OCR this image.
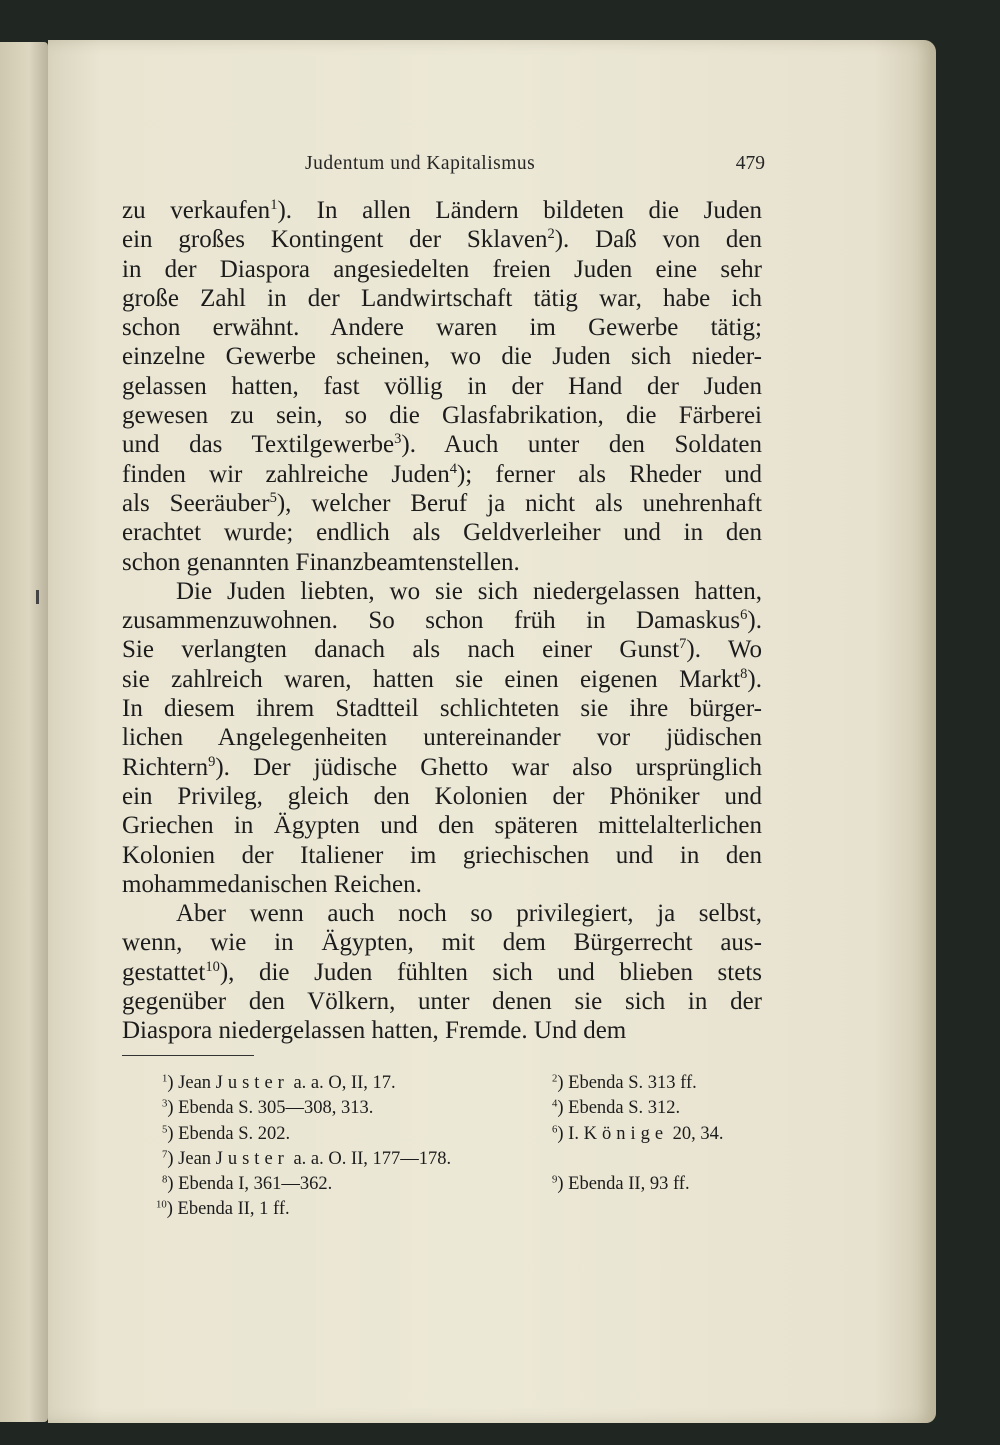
Judentum und Kapitalismus	479
zu verkaufen$^1$). In allen Ländern bildeten die Juden
ein großes Kontingent der Sklaven$^2$). Daß von den
in der Diaspora angesiedelten freien Juden eine sehr
große Zahl in der Landwirtschaft tätig war, habe ich
schon erwähnt. Andere waren im Gewerbe tätig;
einzelne Gewerbe scheinen, wo die Juden sich nieder-
gelassen hatten, fast völlig in der Hand der Juden
gewesen zu sein, so die Glasfabrikation, die Färberei
und das Textilgewerbe$^3$). Auch unter den Soldaten
finden wir zahlreiche Juden$^4$); ferner als Rheder und
als Seeräuber$^5$), welcher Beruf ja nicht als unehrenhaft
erachtet wurde; endlich als Geldverleiher und in den
schon genannten Finanzbeamtenstellen.
Die Juden liebten, wo sie sich niedergelassen hatten,
zusammenzuwohnen. So schon früh in Damaskus$^6$).
Sie verlangten danach als nach einer Gunst$^7$). Wo
sie zahlreich waren, hatten sie einen eigenen Markt$^8$).
In diesem ihrem Stadtteil schlichteten sie ihre bürger-
lichen Angelegenheiten untereinander vor jüdischen
Richtern$^9$). Der jüdische Ghetto war also ursprünglich
ein Privileg, gleich den Kolonien der Phöniker und
Griechen in Ägypten und den späteren mittelalterlichen
Kolonien der Italiener im griechischen und in den
mohammedanischen Reichen.
Aber wenn auch noch so privilegiert, ja selbst,
wenn, wie in Ägypten, mit dem Bürgerrecht aus-
gestattet$^{10}$), die Juden fühlten sich und blieben stets
gegenüber den Völkern, unter denen sie sich in der
Diaspora niedergelassen hatten, Fremde. Und dem
$^1$) Jean Juster a. a. O, II, 17.	$^2$) Ebenda S. 313 ff.
$^3$) Ebenda S. 305—308, 313.	$^4$) Ebenda S. 312.
$^5$) Ebenda S. 202.	$^6$) I. Könige 20, 34.
$^7$) Jean Juster a. a. O. II, 177—178.
$^8$) Ebenda I, 361—362.	$^9$) Ebenda II, 93 ff.
$^{10}$) Ebenda II, 1 ff.
